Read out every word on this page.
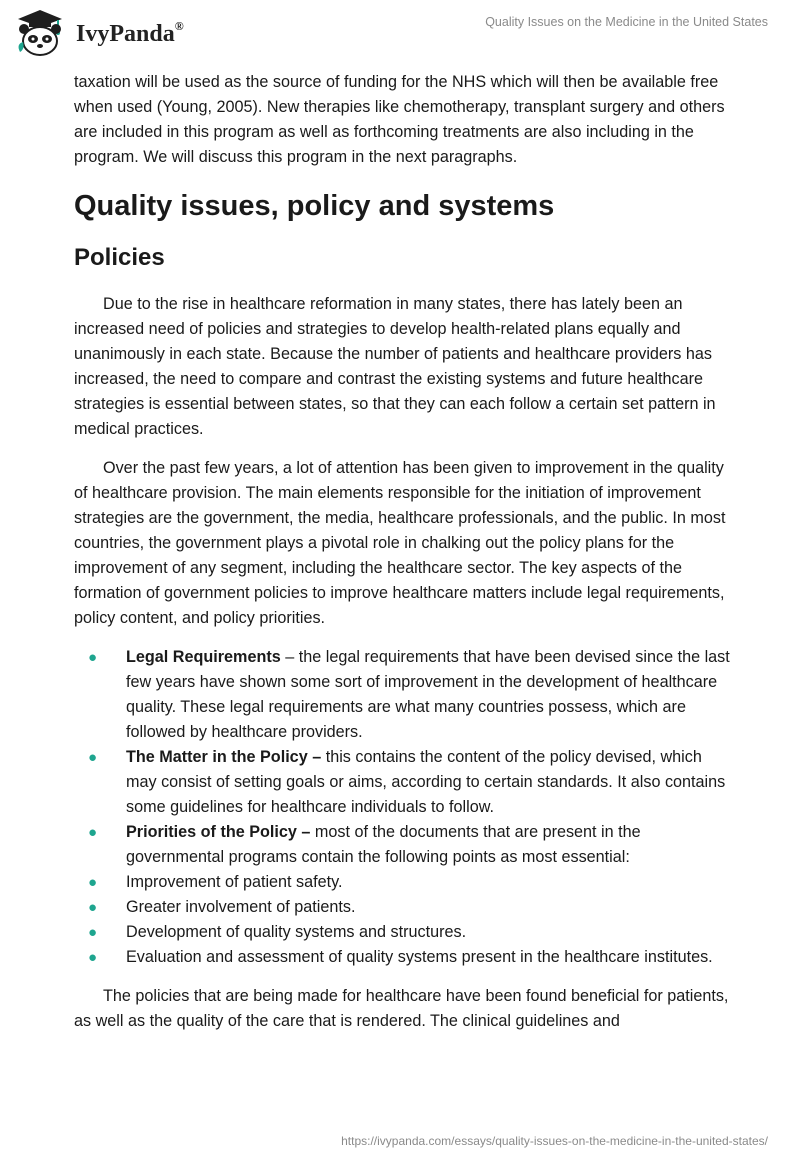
IvyPanda®	Quality Issues on the Medicine in the United States

taxation will be used as the source of funding for the NHS which will then be available free when used (Young, 2005). New therapies like chemotherapy, transplant surgery and others are included in this program as well as forthcoming treatments are also including in the program. We will discuss this program in the next paragraphs.

Quality issues, policy and systems
Policies

Due to the rise in healthcare reformation in many states, there has lately been an increased need of policies and strategies to develop health-related plans equally and unanimously in each state. Because the number of patients and healthcare providers has increased, the need to compare and contrast the existing systems and future healthcare strategies is essential between states, so that they can each follow a certain set pattern in medical practices.

Over the past few years, a lot of attention has been given to improvement in the quality of healthcare provision. The main elements responsible for the initiation of improvement strategies are the government, the media, healthcare professionals, and the public. In most countries, the government plays a pivotal role in chalking out the policy plans for the improvement of any segment, including the healthcare sector. The key aspects of the formation of government policies to improve healthcare matters include legal requirements, policy content, and policy priorities.

● Legal Requirements – the legal requirements that have been devised since the last few years have shown some sort of improvement in the development of healthcare quality. These legal requirements are what many countries possess, which are followed by healthcare providers.
● The Matter in the Policy – this contains the content of the policy devised, which may consist of setting goals or aims, according to certain standards. It also contains some guidelines for healthcare individuals to follow.
● Priorities of the Policy – most of the documents that are present in the governmental programs contain the following points as most essential:
● Improvement of patient safety.
● Greater involvement of patients.
● Development of quality systems and structures.
● Evaluation and assessment of quality systems present in the healthcare institutes.

The policies that are being made for healthcare have been found beneficial for patients, as well as the quality of the care that is rendered. The clinical guidelines and

https://ivypanda.com/essays/quality-issues-on-the-medicine-in-the-united-states/
